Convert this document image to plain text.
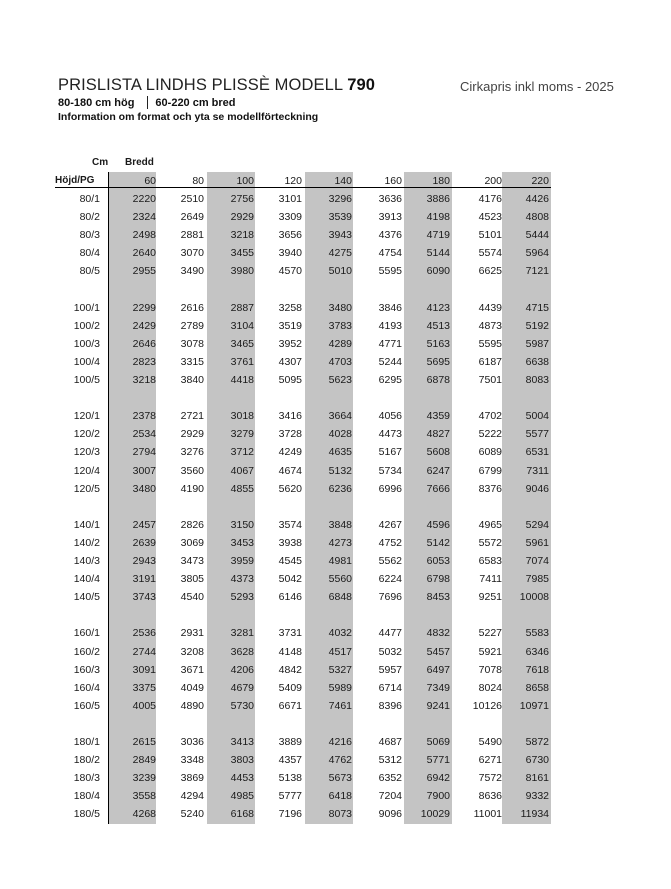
PRISLISTA LINDHS PLISSÈ MODELL 790	Cirkapris inkl moms - 2025
80-180 cm hög 60-220 cm bred
Information om format och yta se modellförteckning
Cm Bredd
Höjd/PG	60	80	100	120	140	160	180	200	220
80/1	2220	2510	2756	3101	3296	3636	3886	4176	4426
80/2	2324	2649	2929	3309	3539	3913	4198	4523	4808
80/3	2498	2881	3218	3656	3943	4376	4719	5101	5444
80/4	2640	3070	3455	3940	4275	4754	5144	5574	5964
80/5	2955	3490	3980	4570	5010	5595	6090	6625	7121
100/1	2299	2616	2887	3258	3480	3846	4123	4439	4715
100/2	2429	2789	3104	3519	3783	4193	4513	4873	5192
100/3	2646	3078	3465	3952	4289	4771	5163	5595	5987
100/4	2823	3315	3761	4307	4703	5244	5695	6187	6638
100/5	3218	3840	4418	5095	5623	6295	6878	7501	8083
120/1	2378	2721	3018	3416	3664	4056	4359	4702	5004
120/2	2534	2929	3279	3728	4028	4473	4827	5222	5577
120/3	2794	3276	3712	4249	4635	5167	5608	6089	6531
120/4	3007	3560	4067	4674	5132	5734	6247	6799	7311
120/5	3480	4190	4855	5620	6236	6996	7666	8376	9046
140/1	2457	2826	3150	3574	3848	4267	4596	4965	5294
140/2	2639	3069	3453	3938	4273	4752	5142	5572	5961
140/3	2943	3473	3959	4545	4981	5562	6053	6583	7074
140/4	3191	3805	4373	5042	5560	6224	6798	7411	7985
140/5	3743	4540	5293	6146	6848	7696	8453	9251	10008
160/1	2536	2931	3281	3731	4032	4477	4832	5227	5583
160/2	2744	3208	3628	4148	4517	5032	5457	5921	6346
160/3	3091	3671	4206	4842	5327	5957	6497	7078	7618
160/4	3375	4049	4679	5409	5989	6714	7349	8024	8658
160/5	4005	4890	5730	6671	7461	8396	9241	10126	10971
180/1	2615	3036	3413	3889	4216	4687	5069	5490	5872
180/2	2849	3348	3803	4357	4762	5312	5771	6271	6730
180/3	3239	3869	4453	5138	5673	6352	6942	7572	8161
180/4	3558	4294	4985	5777	6418	7204	7900	8636	9332
180/5	4268	5240	6168	7196	8073	9096	10029	11001	11934
